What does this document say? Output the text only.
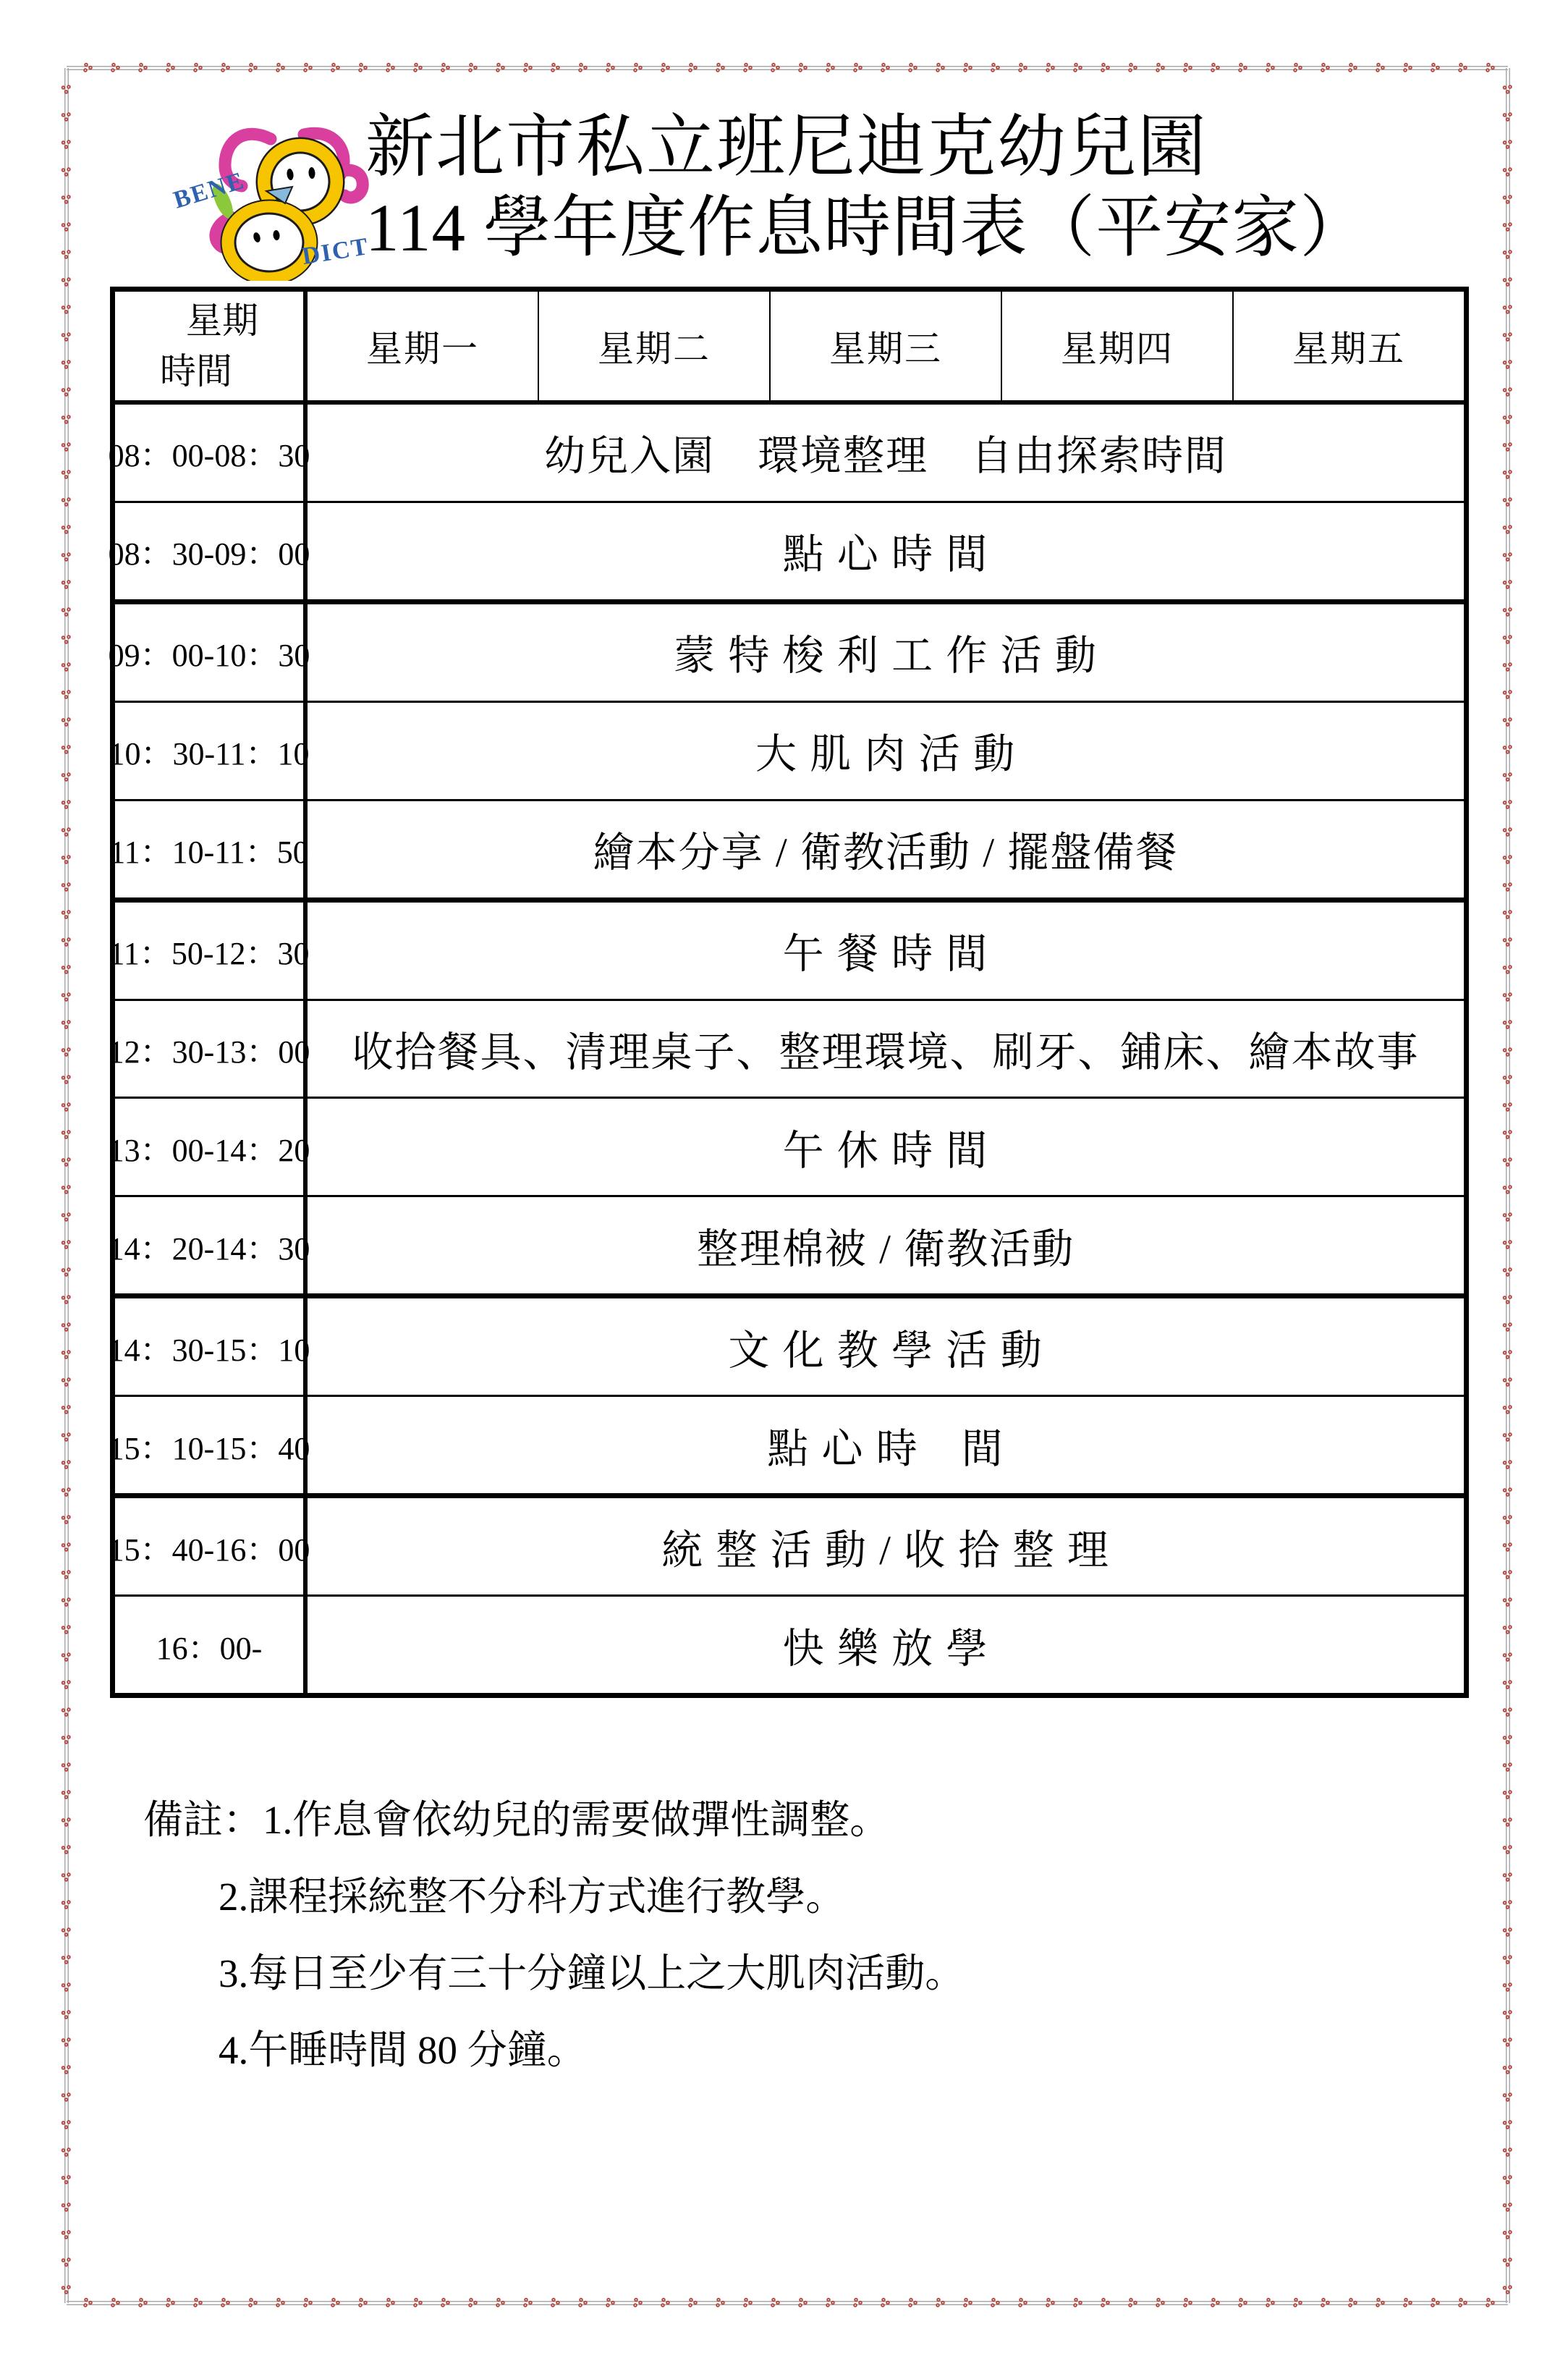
BENE
DICT
新北市私立班尼迪克幼兒園
114 學年度作息時間表（平安家）
星期
時間
星期一	星期二	星期三	星期四	星期五
08：00-08：30	幼兒入園　環境整理　自由探索時間
08：30-09：00	點 心 時 間
09：00-10：30	蒙 特 梭 利 工 作 活 動
10：30-11：10	大 肌 肉 活 動
11：10-11：50	繪本分享 / 衛教活動 / 擺盤備餐
11：50-12：30	午 餐 時 間
12：30-13：00	收拾餐具、清理桌子、整理環境、刷牙、鋪床、繪本故事
13：00-14：20	午 休 時 間
14：20-14：30	整理棉被 / 衛教活動
14：30-15：10	文 化 教 學 活 動
15：10-15：40	點 心 時　間
15：40-16：00	統 整 活 動 / 收 拾 整 理
16：00-	快 樂 放 學
備註：1.作息會依幼兒的需要做彈性調整。
2.課程採統整不分科方式進行教學。
3.每日至少有三十分鐘以上之大肌肉活動。
4.午睡時間 80 分鐘。
